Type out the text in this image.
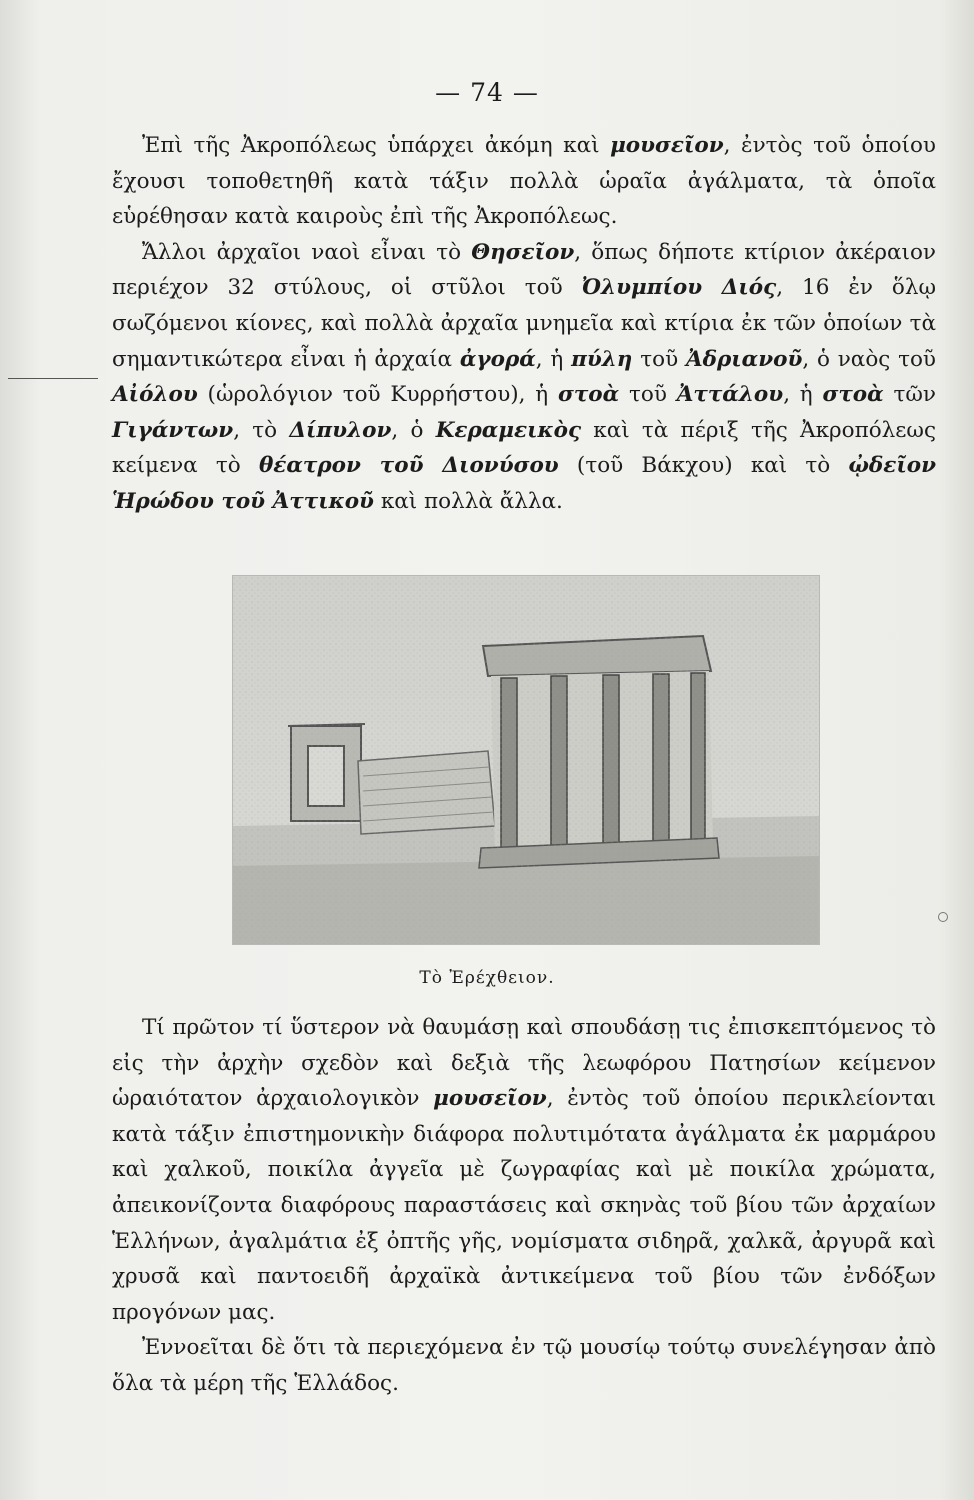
— 74 —

Ἐπὶ τῆς Ἀκροπόλεως ὑπάρχει ἀκόμη καὶ μουσεῖον, ἐντὸς τοῦ ὁποίου ἔχουσι τοποθετηθῆ κατὰ τάξιν πολλὰ ὡραῖα ἀγάλματα, τὰ ὁποῖα εὑρέθησαν κατὰ καιροὺς ἐπὶ τῆς Ἀκροπόλεως.

Ἄλλοι ἀρχαῖοι ναοὶ εἶναι τὸ Θησεῖον, ὅπως δήποτε κτίριον ἀκέραιον περιέχον 32 στύλους, οἱ στῦλοι τοῦ Ὀλυμπίου Διός, 16 ἐν ὅλῳ σωζόμενοι κίονες, καὶ πολλὰ ἀρχαῖα μνημεῖα καὶ κτίρια ἐκ τῶν ὁποίων τὰ σημαντικώτερα εἶναι ἡ ἀρχαία ἀγορά, ἡ πύλη τοῦ Ἀδριανοῦ, ὁ ναὸς τοῦ Αἰόλου (ὡρολόγιον τοῦ Κυρρήστου), ἡ στοὰ τοῦ Ἀττάλου, ἡ στοὰ τῶν Γιγάντων, τὸ Δίπυλον, ὁ Κεραμεικὸς καὶ τὰ πέριξ τῆς Ἀκροπόλεως κείμενα τὸ θέατρον τοῦ Διονύσου (τοῦ Βάκχου) καὶ τὸ ᾠδεῖον Ἡρώδου τοῦ Ἀττικοῦ καὶ πολλὰ ἄλλα.

Τὸ Ἐρέχθειον.

Τί πρῶτον τί ὕστερον νὰ θαυμάσῃ καὶ σπουδάσῃ τις ἐπισκεπτόμενος τὸ εἰς τὴν ἀρχὴν σχεδὸν καὶ δεξιὰ τῆς λεωφόρου Πατησίων κείμενον ὡραιότατον ἀρχαιολογικὸν μουσεῖον, ἐντὸς τοῦ ὁποίου περικλείονται κατὰ τάξιν ἐπιστημονικὴν διάφορα πολυτιμότατα ἀγάλματα ἐκ μαρμάρου καὶ χαλκοῦ, ποικίλα ἀγγεῖα μὲ ζωγραφίας καὶ μὲ ποικίλα χρώματα, ἀπεικονίζοντα διαφόρους παραστάσεις καὶ σκηνὰς τοῦ βίου τῶν ἀρχαίων Ἑλλήνων, ἀγαλμάτια ἐξ ὀπτῆς γῆς, νομίσματα σιδηρᾶ, χαλκᾶ, ἀργυρᾶ καὶ χρυσᾶ καὶ παντοειδῆ ἀρχαϊκὰ ἀντικείμενα τοῦ βίου τῶν ἐνδόξων προγόνων μας.

Ἐννοεῖται δὲ ὅτι τὰ περιεχόμενα ἐν τῷ μουσίῳ τούτῳ συνελέγησαν ἀπὸ ὅλα τὰ μέρη τῆς Ἑλλάδος.
